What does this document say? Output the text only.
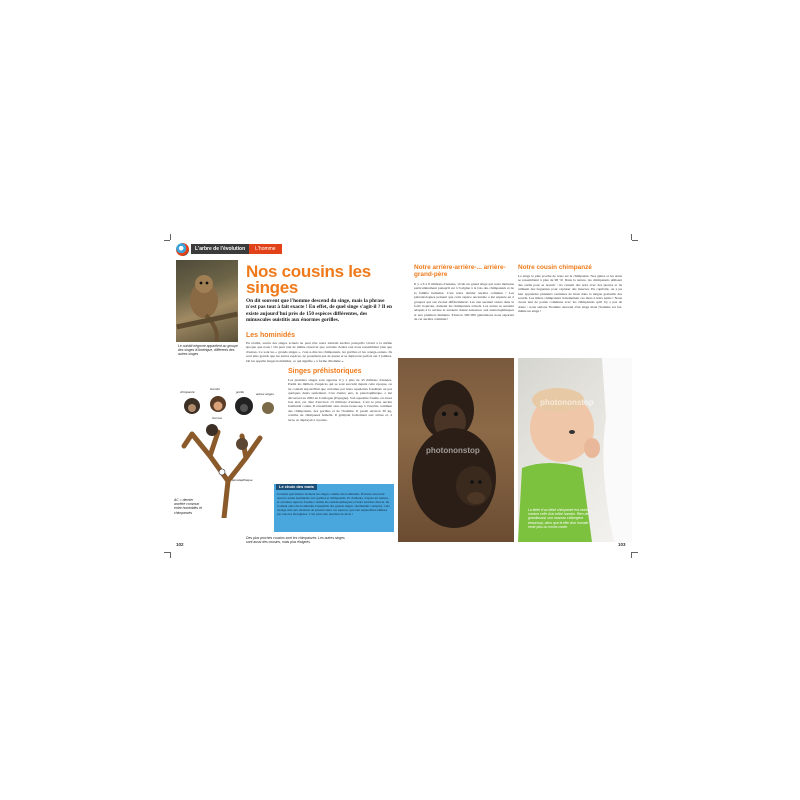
L'arbre de l'évolution	L'homme
Le ouistiti négrone appartient au groupe des singes d'Amérique, différents des autres singes
Nos cousins les singes
On dit souvent que l'homme descend du singe, mais la phrase n'est pas tout à fait exacte ! En effet, de quel singe s'agit-il ? Il en existe aujourd'hui près de 150 espèces différentes, des minuscules ouistitis aux énormes gorilles.
Les hominidés
En réalité, aucun des singes actuels ne peut être notre lointain ancêtre puisqu'ils vivent à la même époque que nous ! On peut tout de même observer que certains d'entre eux nous ressemblent plus que d'autres. Ce sont les « grands singes », c'est-à-dire les chimpanzés, les gorilles et les orangs-outans. Ils sont plus grands que les autres espèces, ne possèdent pas de queue et se déplacent parfois sur 2 jambes. On les appelle singes hominidés, ce qui signifie « à forme d'homme ».
Singes préhistoriques
Les premiers singes sont apparus il y a plus de 45 millions d'années. Parmi les milliers d'espèces qui se sont succédé depuis cette époque, on ne connaît aujourd'hui que certaines par leurs squelettes fossilisés ou par quelques dents seulement. L'un d'entre eux, le pierolapithèque, a été découvert en 2002 en Catalogne (Espagne). Son squelette fossile, en assez bon état, est daté d'environ 13 millions d'années. C'est le plus ancien hominidé connu. Il ressemblait sans doute beaucoup à l'ancêtre commun des chimpanzés, des gorilles et de l'homme. Il pesait environ 30 kg, comme un chimpanzé femelle. Il grimpait facilement aux arbres et, à terre, se déplaçait à 4 pattes.
chimpanzé
bonobo
gorille	autres singes
homme
pierolapithèque
AC = dernier ancêtre commun entre hominidés et chimpanzés
Le choix des mots
Certains spécialistes incluent les singes comme des hominidés. D'autres réservent aussi le terme hominidés aux gorilles et chimpanzés. Et d'ailleurs, d'après les termes, et certaines espèces fossiles comme les australopithèques et leurs ancêtres directs. Ils forment ainsi des hominidés l'ensemble des grands singes. (hominidés compris). Cela change rien aux relations de parenté entre ces espèces, qui sont aujourd'hui admises par tous les biologistes. C'est juste une question de mots !
Des plus proches cousins sont les chimpanzés. Les autres singes sont aussi des cousins, mais plus éloignés.
102
Notre arrière-arrière-... arrière-grand-père
Il y a 6 à 8 millions d'années, vivait un grand singe qui nous intéresse particulièrement puisqu'il est à l'origine à la fois des chimpanzés et de la famille humaine. C'est notre dernier ancêtre commun ! Les paléontologues pensent que cette espèce ancestrale a été séparée en 2 groupes qui ont évolué différemment. Les uns seraient restés dans la forêt tropicale, donnant les chimpanzés actuels. Les autres se seraient adaptés à la savane et auraient donné naissance aux australopithèques et aux premiers humains. Environ 300 000 générations nous séparent de cet ancêtre commun !
Notre cousin chimpanzé
Le singe le plus proche de nous est le chimpanzé. Nos gènes et les siens se ressemblent à plus de 98 %! Dans la nature, les chimpanzés utilisent des outils pour se nourrir : ils cassent des noix avec des pierres et ils utilisent des baguettes pour capturer des insectes. En captivité, on a pu leur apprendre plusieurs centaines de mots dans la langue gestuelle des sourds. Les mères chimpanzés transmettent ces mots à leurs petits ! Nous avons tant de points communs avec les chimpanzés qu'il n'y a pas de doute : nous serions l'homme descend d'un singe mais l'homme est lui-même un singe !
photononstop
photononstop
La tétée d'un bébé chimpanzé est moins comme celle d'un bébé humain. Rien de grandissant, son museau s'allongera beaucoup, alors que la tête d'un humain reste plus ou moins ronde.
103
